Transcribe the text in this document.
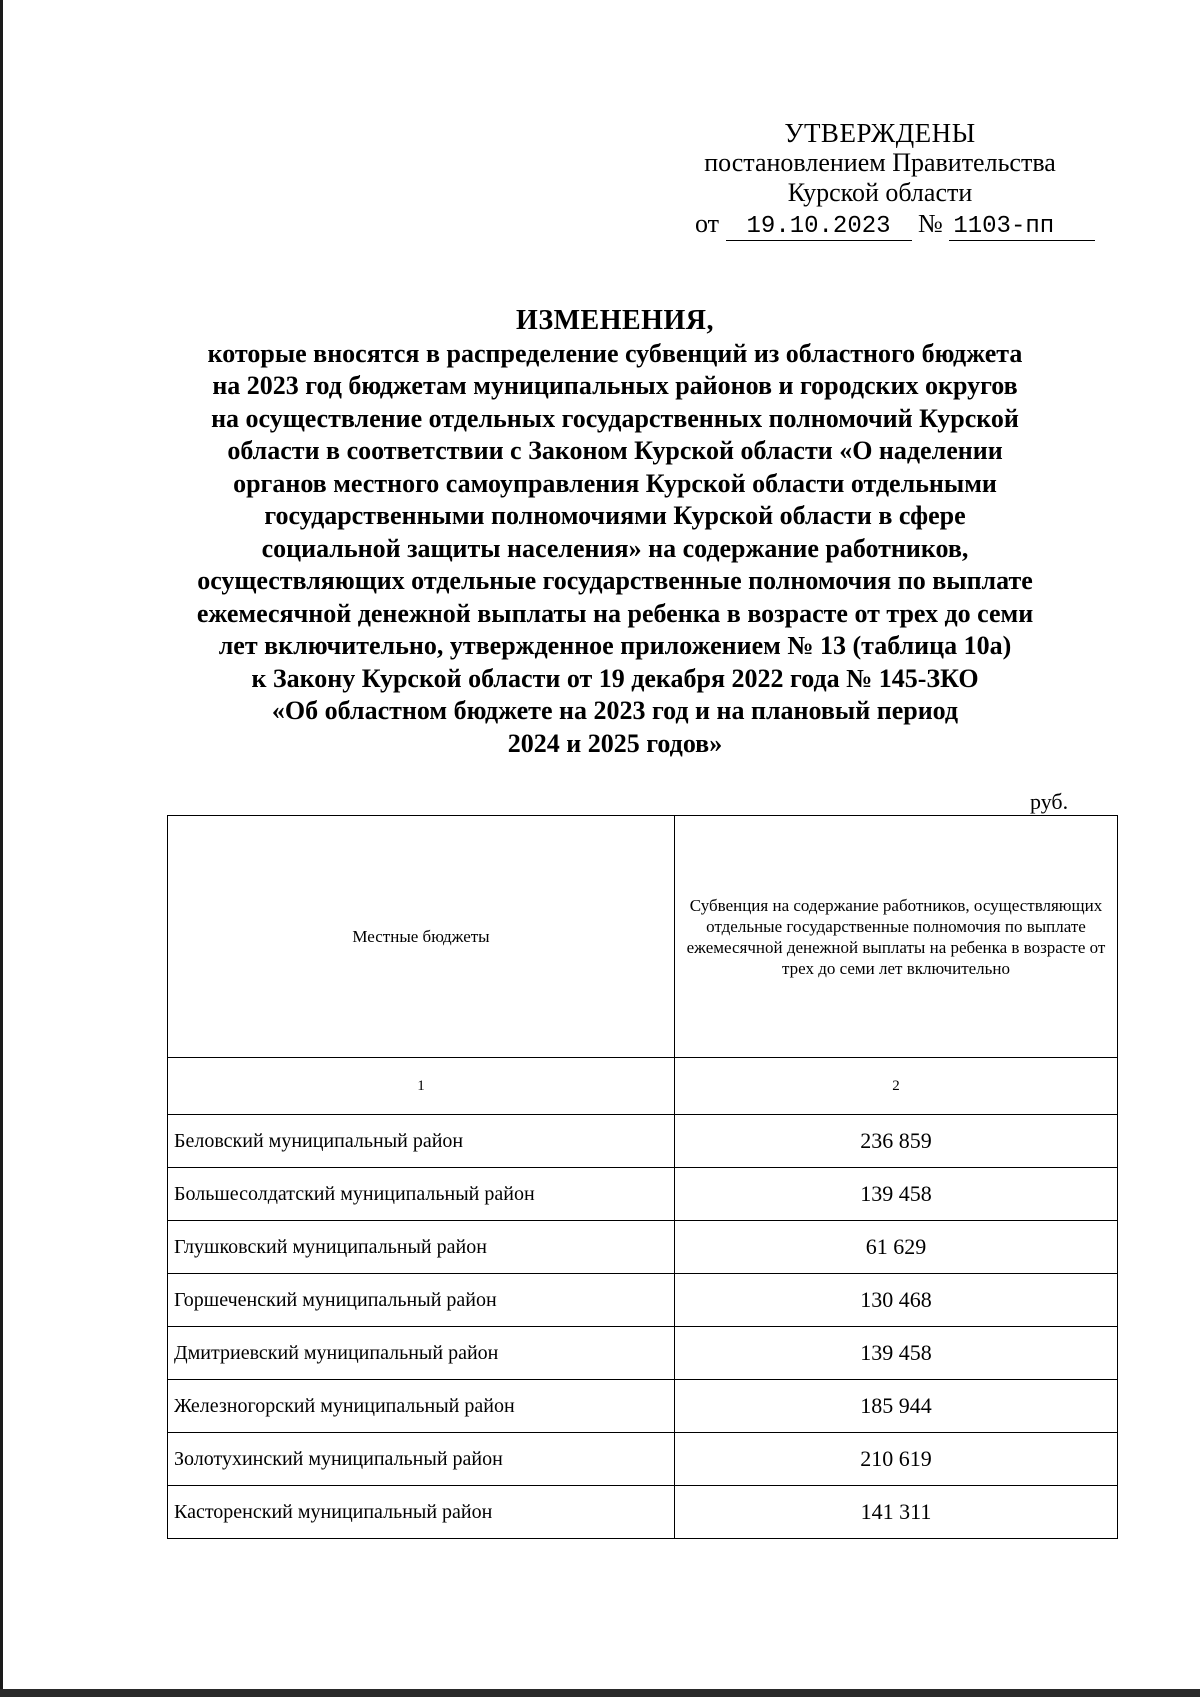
УТВЕРЖДЕНЫ
постановлением Правительства
Курской области
от 19.10.2023 № 1103-пп
ИЗМЕНЕНИЯ,
которые вносятся в распределение субвенций из областного бюджета
на 2023 год бюджетам муниципальных районов и городских округов
на осуществление отдельных государственных полномочий Курской
области в соответствии с Законом Курской области «О наделении
органов местного самоуправления Курской области отдельными
государственными полномочиями Курской области в сфере
социальной защиты населения» на содержание работников,
осуществляющих отдельные государственные полномочия по выплате
ежемесячной денежной выплаты на ребенка в возрасте от трех до семи
лет включительно, утвержденное приложением № 13 (таблица 10а)
к Закону Курской области от 19 декабря 2022 года № 145-ЗКО
«Об областном бюджете на 2023 год и на плановый период
2024 и 2025 годов»
руб.
Местные бюджеты	Субвенция на содержание работников, осуществляющих отдельные государственные полномочия по выплате ежемесячной денежной выплаты на ребенка в возрасте от трех до семи лет включительно
1	2
Беловский муниципальный район	236 859
Большесолдатский муниципальный район	139 458
Глушковский муниципальный район	61 629
Горшеченский муниципальный район	130 468
Дмитриевский муниципальный район	139 458
Железногорский муниципальный район	185 944
Золотухинский муниципальный район	210 619
Касторенский муниципальный район	141 311
